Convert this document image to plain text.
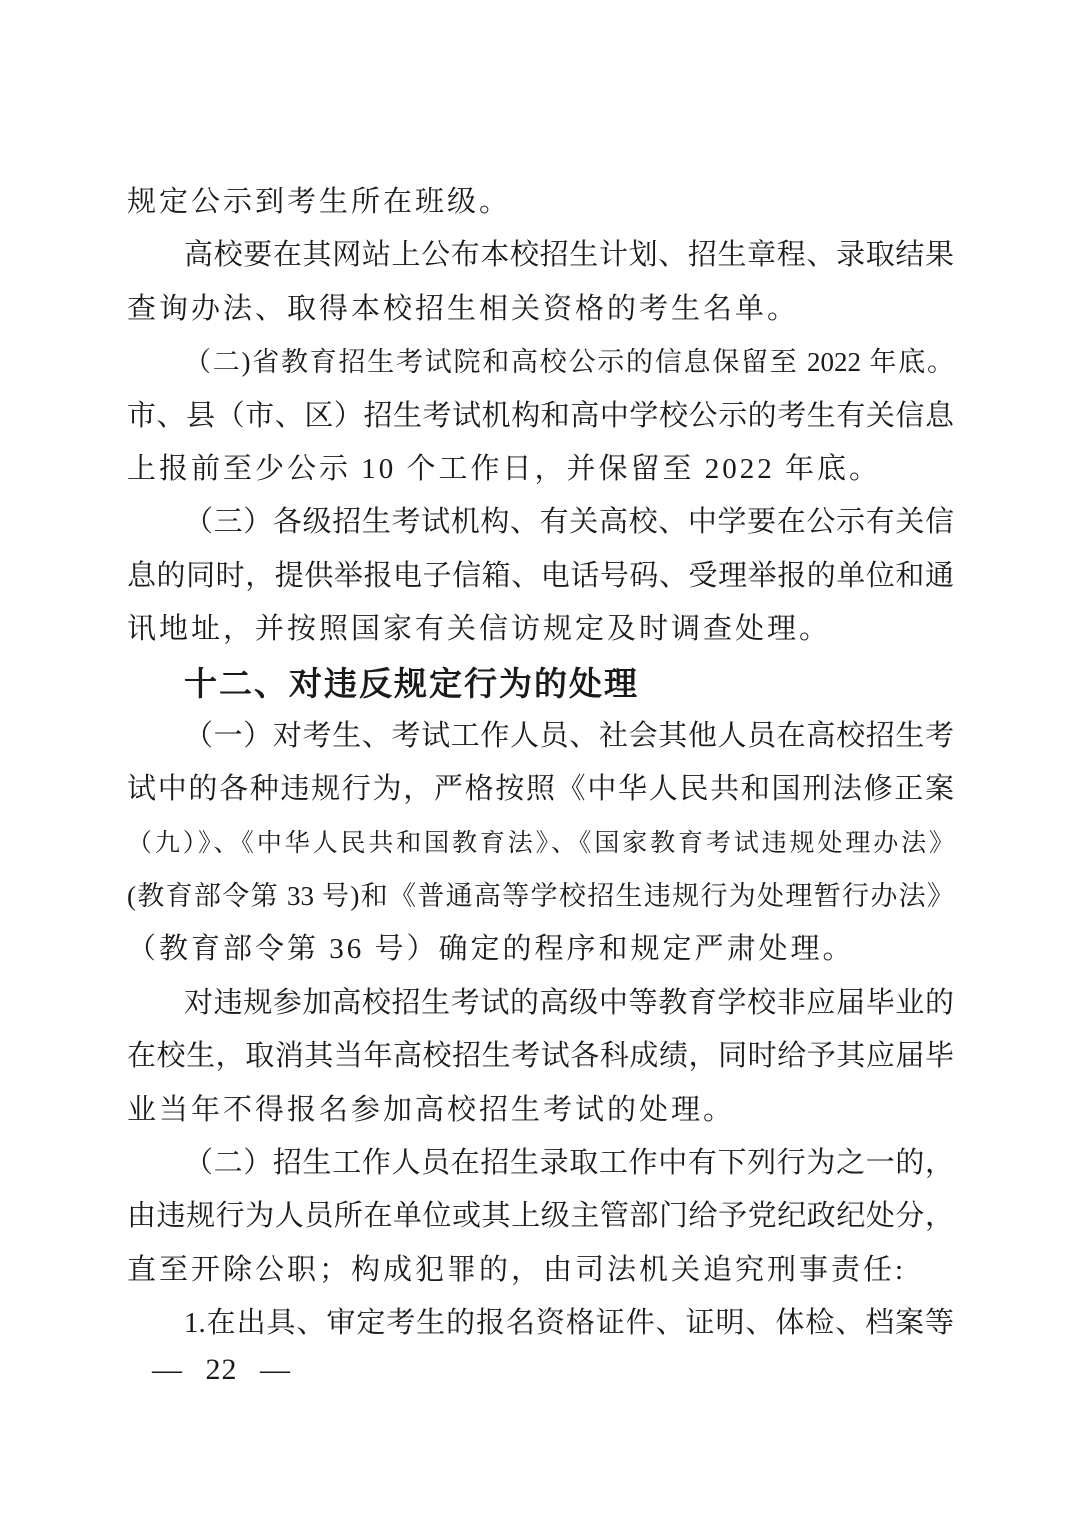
规定公示到考生所在班级。
高校要在其网站上公布本校招生计划、招生章程、录取结果
查询办法、取得本校招生相关资格的考生名单。
（二)省教育招生考试院和高校公示的信息保留至 2022 年底。
市、县（市、区）招生考试机构和高中学校公示的考生有关信息
上报前至少公示 10 个工作日，并保留至 2022 年底。
（三）各级招生考试机构、有关高校、中学要在公示有关信
息的同时，提供举报电子信箱、电话号码、受理举报的单位和通
讯地址，并按照国家有关信访规定及时调查处理。
十二、对违反规定行为的处理
（一）对考生、考试工作人员、社会其他人员在高校招生考
试中的各种违规行为，严格按照《中华人民共和国刑法修正案
（九）》、《中华人民共和国教育法》、《国家教育考试违规处理办法》
(教育部令第 33 号)和《普通高等学校招生违规行为处理暂行办法》
（教育部令第 36 号）确定的程序和规定严肃处理。
对违规参加高校招生考试的高级中等教育学校非应届毕业的
在校生，取消其当年高校招生考试各科成绩，同时给予其应届毕
业当年不得报名参加高校招生考试的处理。
（二）招生工作人员在招生录取工作中有下列行为之一的，
由违规行为人员所在单位或其上级主管部门给予党纪政纪处分，
直至开除公职；构成犯罪的，由司法机关追究刑事责任:
1.在出具、审定考生的报名资格证件、证明、体检、档案等
— 22 —
